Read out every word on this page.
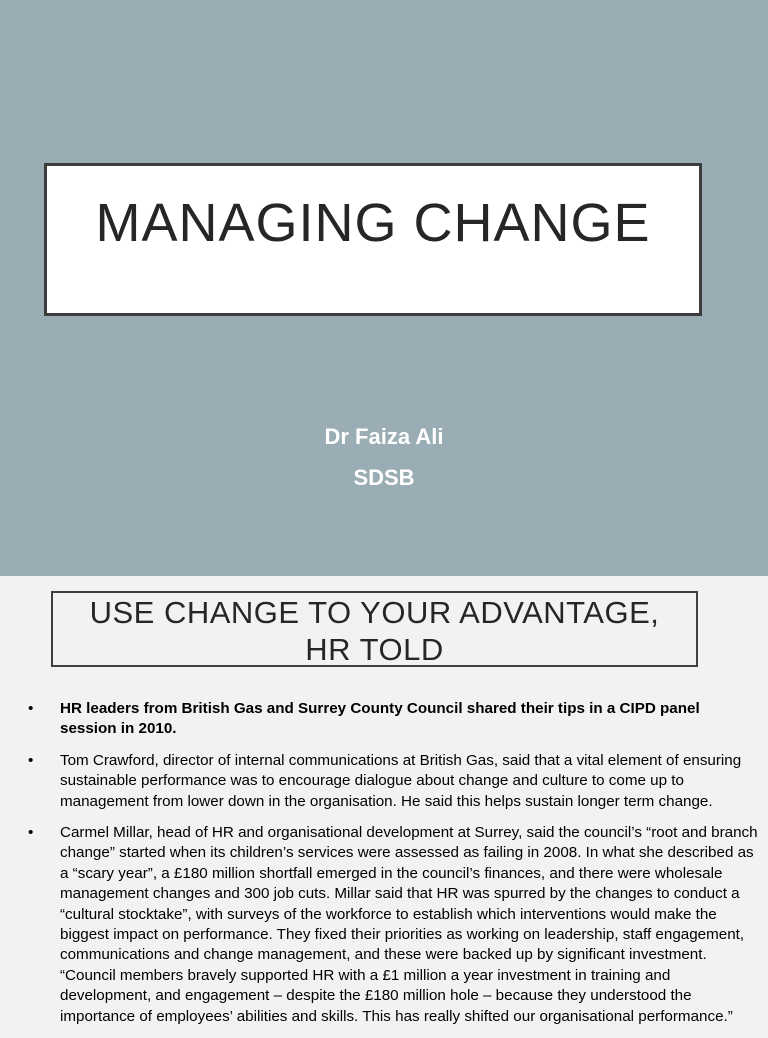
MANAGING CHANGE
Dr Faiza Ali
SDSB
USE CHANGE TO YOUR ADVANTAGE,
HR TOLD
• HR leaders from British Gas and Surrey County Council shared their tips in a CIPD panel session in 2010.
• Tom Crawford, director of internal communications at British Gas, said that a vital element of ensuring sustainable performance was to encourage dialogue about change and culture to come up to management from lower down in the organisation. He said this helps sustain longer term change.
• Carmel Millar, head of HR and organisational development at Surrey, said the council’s “root and branch change” started when its children’s services were assessed as failing in 2008. In what she described as a “scary year”, a £180 million shortfall emerged in the council’s finances, and there were wholesale management changes and 300 job cuts. Millar said that HR was spurred by the changes to conduct a “cultural stocktake”, with surveys of the workforce to establish which interventions would make the biggest impact on performance. They fixed their priorities as working on leadership, staff engagement, communications and change management, and these were backed up by significant investment. “Council members bravely supported HR with a £1 million a year investment in training and development, and engagement – despite the £180 million hole – because they understood the importance of employees’ abilities and skills. This has really shifted our organisational performance.”
